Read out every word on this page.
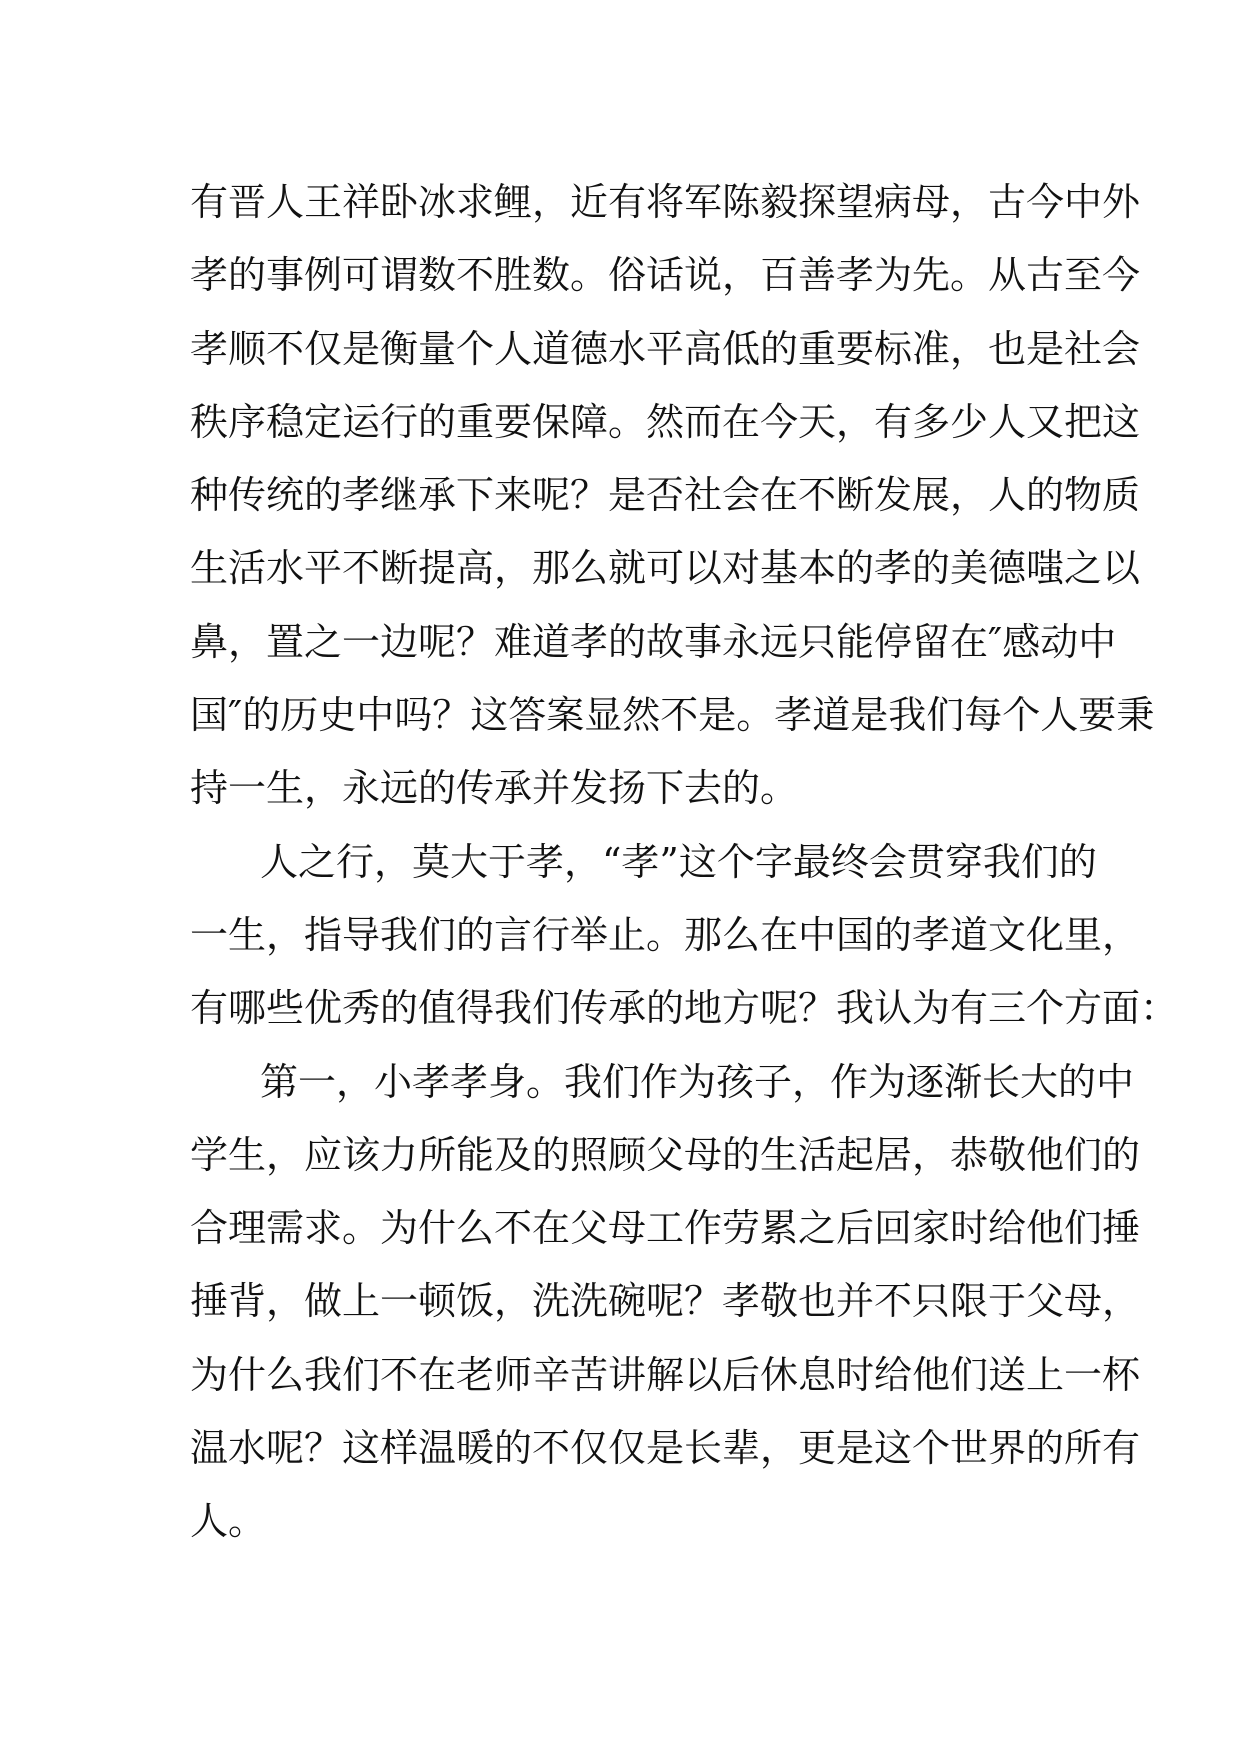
有晋人王祥卧冰求鲤，近有将军陈毅探望病母，古今中外
孝的事例可谓数不胜数。俗话说，百善孝为先。从古至今
孝顺不仅是衡量个人道德水平高低的重要标准，也是社会
秩序稳定运行的重要保障。然而在今天，有多少人又把这
种传统的孝继承下来呢？是否社会在不断发展，人的物质
生活水平不断提高，那么就可以对基本的孝的美德嗤之以
鼻，置之一边呢？难道孝的故事永远只能停留在″感动中
国″的历史中吗？这答案显然不是。孝道是我们每个人要秉
持一生，永远的传承并发扬下去的。
人之行，莫大于孝，“孝”这个字最终会贯穿我们的
一生，指导我们的言行举止。那么在中国的孝道文化里，
有哪些优秀的值得我们传承的地方呢？我认为有三个方面：
第一，小孝孝身。我们作为孩子，作为逐渐长大的中
学生，应该力所能及的照顾父母的生活起居，恭敬他们的
合理需求。为什么不在父母工作劳累之后回家时给他们捶
捶背，做上一顿饭，洗洗碗呢？孝敬也并不只限于父母，
为什么我们不在老师辛苦讲解以后休息时给他们送上一杯
温水呢？这样温暖的不仅仅是长辈，更是这个世界的所有
人。
